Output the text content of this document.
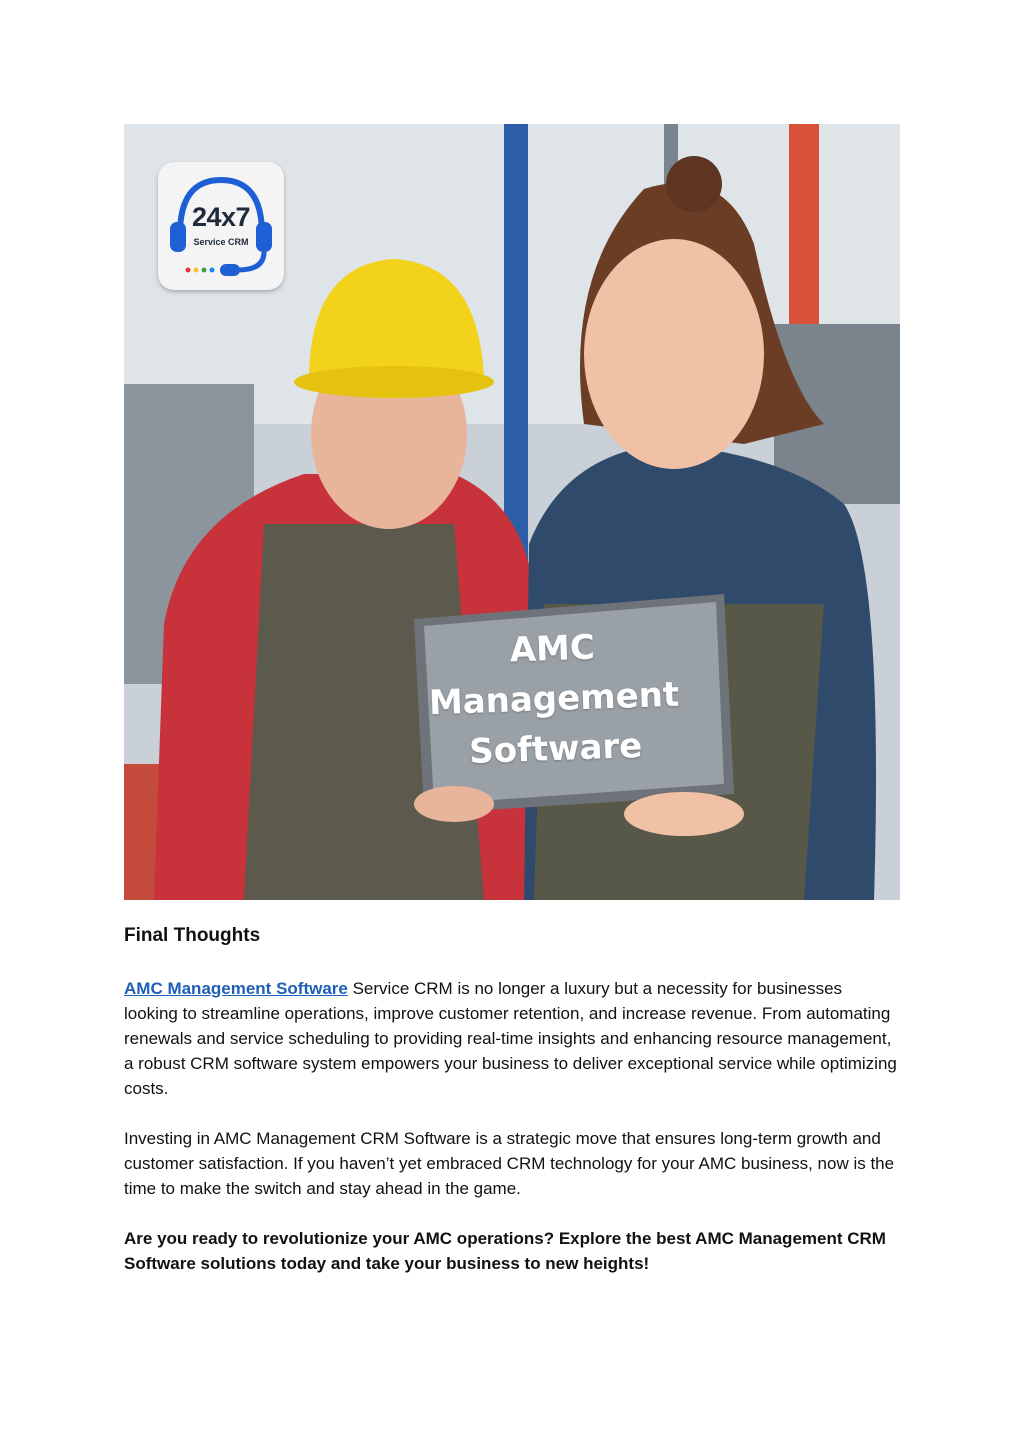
24x7
Service CRM
AMC
Management
Software
Final Thoughts

AMC Management Software Service CRM is no longer a luxury but a necessity for businesses looking to streamline operations, improve customer retention, and increase revenue. From automating renewals and service scheduling to providing real-time insights and enhancing resource management, a robust CRM software system empowers your business to deliver exceptional service while optimizing costs.

Investing in AMC Management CRM Software is a strategic move that ensures long-term growth and customer satisfaction. If you haven’t yet embraced CRM technology for your AMC business, now is the time to make the switch and stay ahead in the game.

Are you ready to revolutionize your AMC operations? Explore the best AMC Management CRM Software solutions today and take your business to new heights!
